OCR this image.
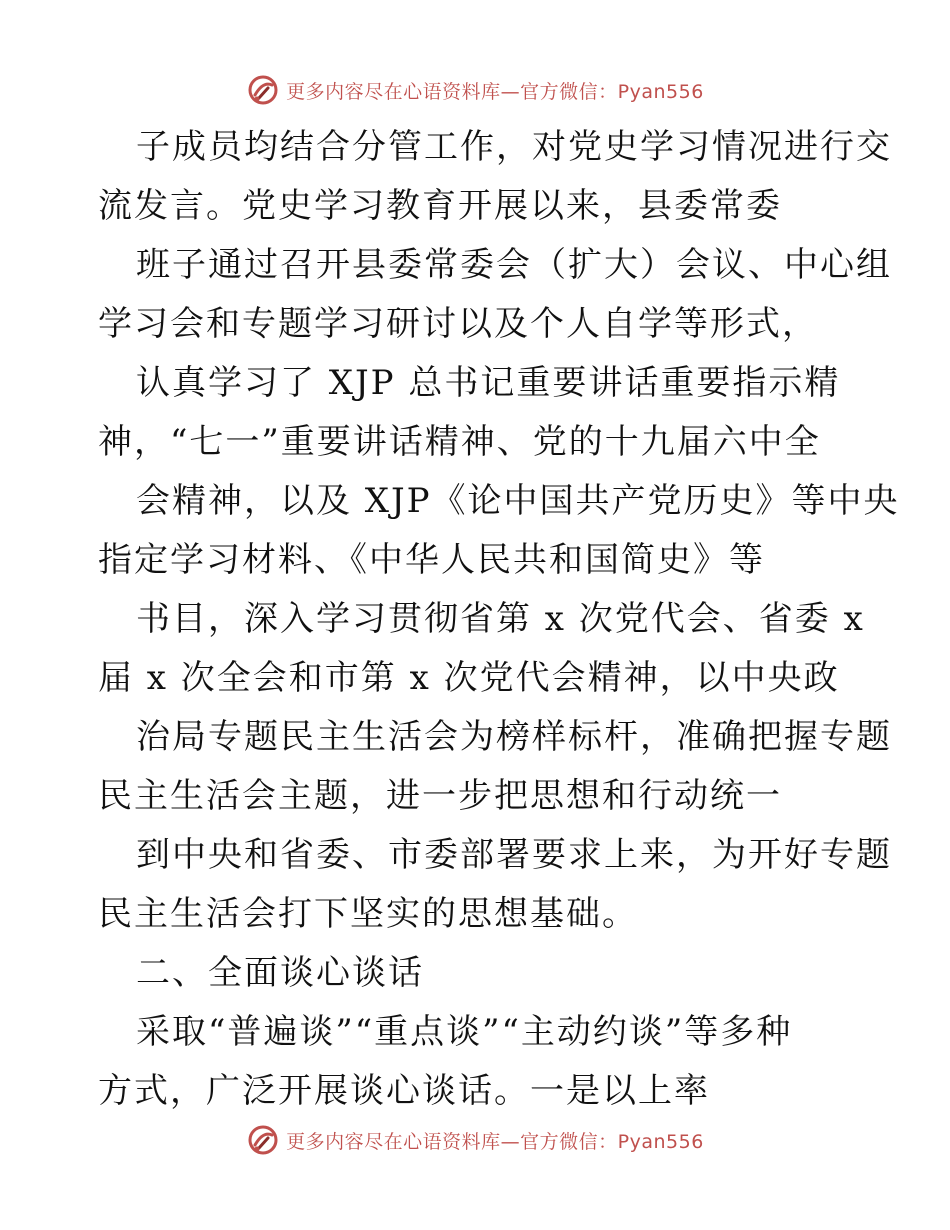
更多内容尽在心语资料库—官方微信：Pyan556
子成员均结合分管工作，对党史学习情况进行交
流发言。党史学习教育开展以来，县委常委
班子通过召开县委常委会（扩大）会议、中心组
学习会和专题学习研讨以及个人自学等形式，
认真学习了 XJP 总书记重要讲话重要指示精
神，“七一”重要讲话精神、党的十九届六中全
会精神，以及 XJP《论中国共产党历史》等中央
指定学习材料、《中华人民共和国简史》等
书目，深入学习贯彻省第 x 次党代会、省委 x
届 x 次全会和市第 x 次党代会精神，以中央政
治局专题民主生活会为榜样标杆，准确把握专题
民主生活会主题，进一步把思想和行动统一
到中央和省委、市委部署要求上来，为开好专题
民主生活会打下坚实的思想基础。
二、全面谈心谈话
采取“普遍谈”“重点谈”“主动约谈”等多种
方式，广泛开展谈心谈话。一是以上率
更多内容尽在心语资料库—官方微信：Pyan556
